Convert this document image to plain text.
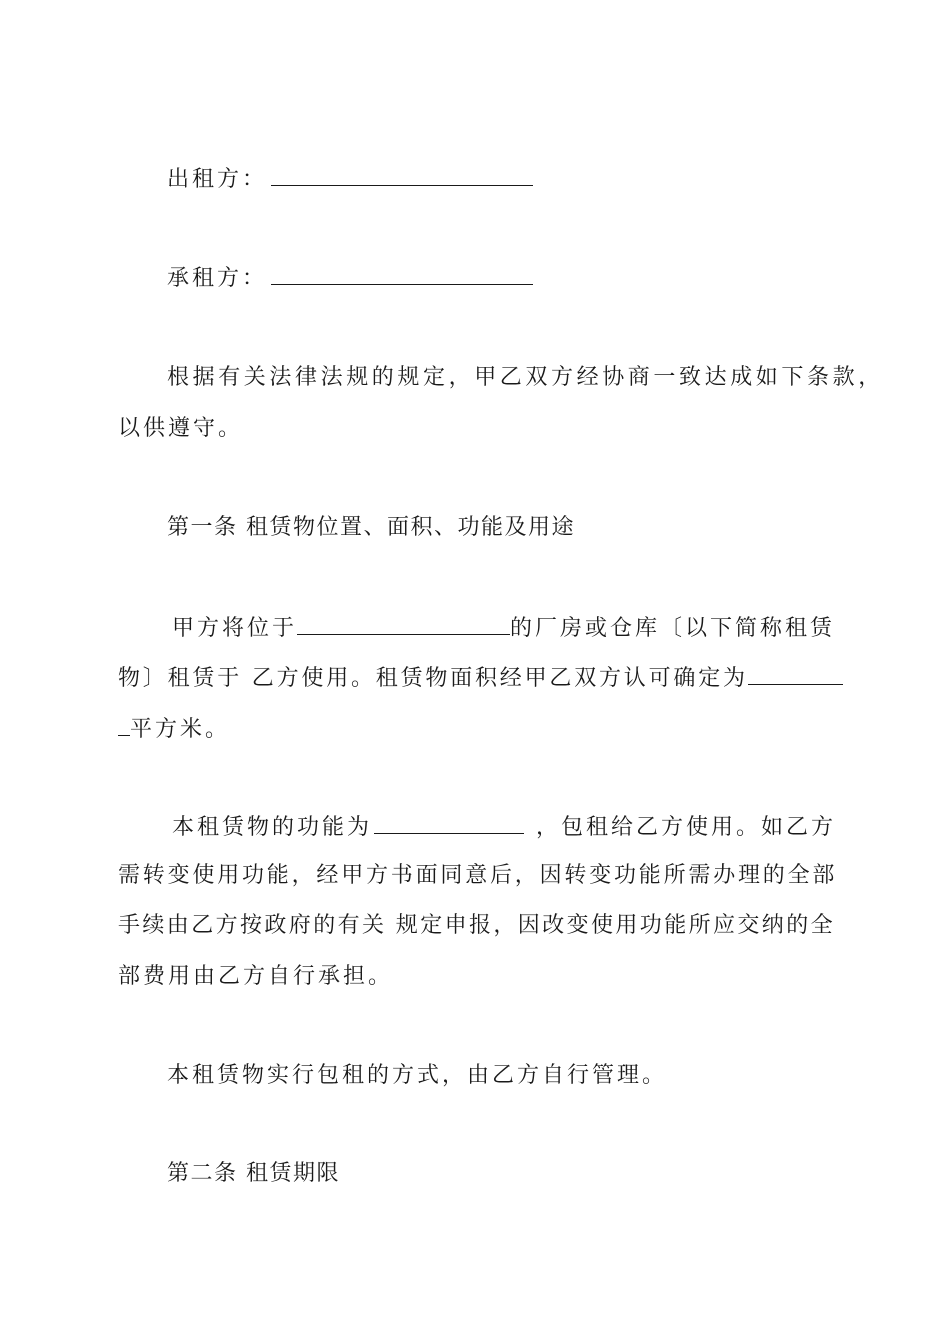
出租方：
承租方：
根据有关法律法规的规定，甲乙双方经协商一致达成如下条款，
以供遵守。
第一条 租赁物位置、面积、功能及用途
甲方将位于	的厂房或仓库〔以下简称租赁
物〕租赁于 乙方使用。租赁物面积经甲乙双方认可确定为
平方米。
本租赁物的功能为	，包租给乙方使用。如乙方
需转变使用功能，经甲方书面同意后，因转变功能所需办理的全部
手续由乙方按政府的有关 规定申报，因改变使用功能所应交纳的全
部费用由乙方自行承担。
本租赁物实行包租的方式，由乙方自行管理。
第二条 租赁期限
